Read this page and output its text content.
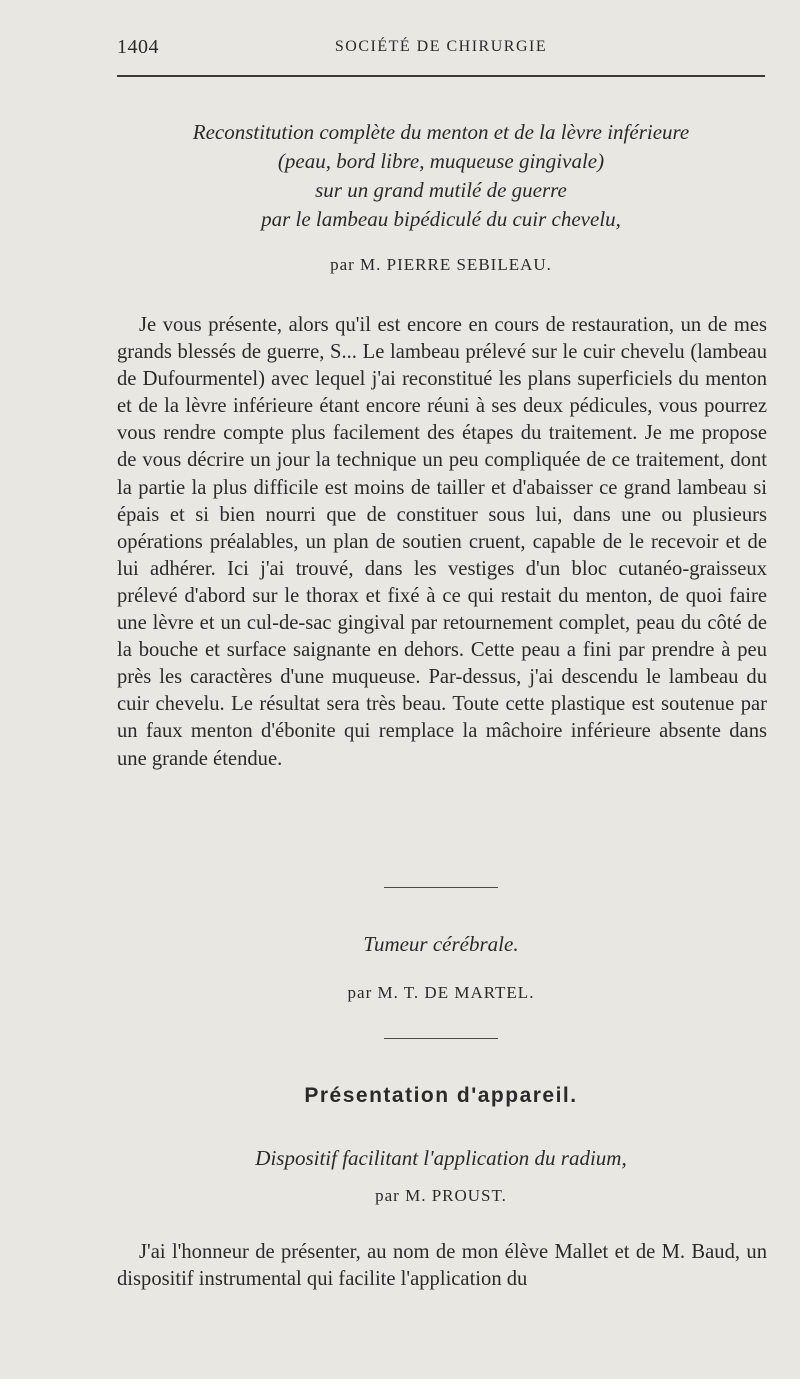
1404	SOCIÉTÉ DE CHIRURGIE
Reconstitution complète du menton et de la lèvre inférieure
(peau, bord libre, muqueuse gingivale)
sur un grand mutilé de guerre
par le lambeau bipédiculé du cuir chevelu,
par M. PIERRE SEBILEAU.

Je vous présente, alors qu'il est encore en cours de restauration, un de mes grands blessés de guerre, S... Le lambeau prélevé sur le cuir chevelu (lambeau de Dufourmentel) avec lequel j'ai reconstitué les plans superficiels du menton et de la lèvre inférieure étant encore réuni à ses deux pédicules, vous pourrez vous rendre compte plus facilement des étapes du traitement. Je me propose de vous décrire un jour la technique un peu compliquée de ce traitement, dont la partie la plus difficile est moins de tailler et d'abaisser ce grand lambeau si épais et si bien nourri que de constituer sous lui, dans une ou plusieurs opérations préalables, un plan de soutien cruent, capable de le recevoir et de lui adhérer. Ici j'ai trouvé, dans les vestiges d'un bloc cutanéo-graisseux prélevé d'abord sur le thorax et fixé à ce qui restait du menton, de quoi faire une lèvre et un cul-de-sac gingival par retournement complet, peau du côté de la bouche et surface saignante en dehors. Cette peau a fini par prendre à peu près les caractères d'une muqueuse. Par-dessus, j'ai descendu le lambeau du cuir chevelu. Le résultat sera très beau. Toute cette plastique est soutenue par un faux menton d'ébonite qui remplace la mâchoire inférieure absente dans une grande étendue.

Tumeur cérébrale.
par M. T. DE MARTEL.
Présentation d'appareil.
Dispositif facilitant l'application du radium,
par M. PROUST.

J'ai l'honneur de présenter, au nom de mon élève Mallet et de M. Baud, un dispositif instrumental qui facilite l'application du
